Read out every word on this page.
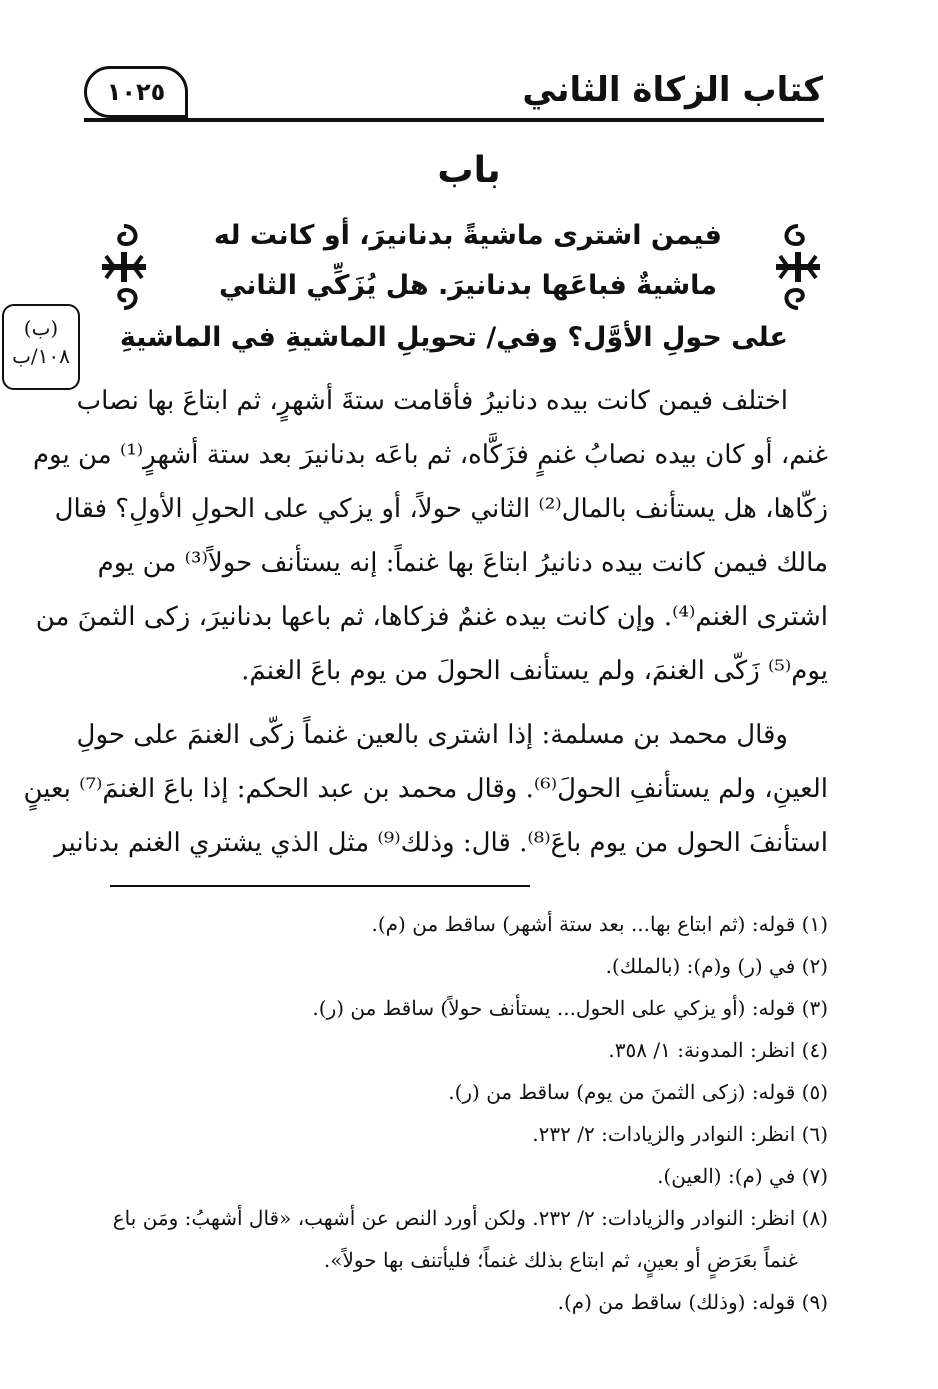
كتاب الزكاة الثاني
١٠٢٥
باب
فيمن اشترى ماشيةً بدنانيرَ، أو كانت له
ماشيةٌ فباعَها بدنانيرَ. هل يُزَكِّي الثاني
على حولِ الأوَّل؟ وفي/ تحويلِ الماشيةِ في الماشيةِ
(ب)
١٠٨/ب
اختلف فيمن كانت بيده دنانيرُ فأقامت ستةَ أشهرٍ، ثم ابتاعَ بها نصاب
غنم، أو كان بيده نصابُ غنمٍ فزَكَّاه، ثم باعَه بدنانيرَ بعد ستة أشهرٍ⁽¹⁾ من يوم
زكّاها، هل يستأنف بالمال⁽²⁾ الثاني حولاً، أو يزكي على الحولِ الأولِ؟ فقال
مالك فيمن كانت بيده دنانيرُ ابتاعَ بها غنماً: إنه يستأنف حولاً⁽³⁾ من يوم
اشترى الغنم⁽⁴⁾. وإن كانت بيده غنمٌ فزكاها، ثم باعها بدنانيرَ، زكى الثمنَ من
يوم⁽⁵⁾ زَكّى الغنمَ، ولم يستأنف الحولَ من يوم باعَ الغنمَ.
وقال محمد بن مسلمة: إذا اشترى بالعين غنماً زكّى الغنمَ على حولِ
العينِ، ولم يستأنفِ الحولَ⁽⁶⁾. وقال محمد بن عبد الحكم: إذا باعَ الغنمَ⁽⁷⁾ بعينٍ
استأنفَ الحول من يوم باعَ⁽⁸⁾. قال: وذلك⁽⁹⁾ مثل الذي يشتري الغنم بدنانير
(١) قوله: (ثم ابتاع بها... بعد ستة أشهر) ساقط من (م).
(٢) في (ر) و(م): (بالملك).
(٣) قوله: (أو يزكي على الحول... يستأنف حولاً) ساقط من (ر).
(٤) انظر: المدونة: ١/ ٣٥٨.
(٥) قوله: (زكى الثمنَ من يوم) ساقط من (ر).
(٦) انظر: النوادر والزيادات: ٢/ ٢٣٢.
(٧) في (م): (العين).
(٨) انظر: النوادر والزيادات: ٢/ ٢٣٢. ولكن أورد النص عن أشهب، «قال أشهبُ: ومَن باع
غنماً بعَرَضٍ أو بعينٍ، ثم ابتاع بذلك غنماً؛ فليأتنف بها حولاً».
(٩) قوله: (وذلك) ساقط من (م).
